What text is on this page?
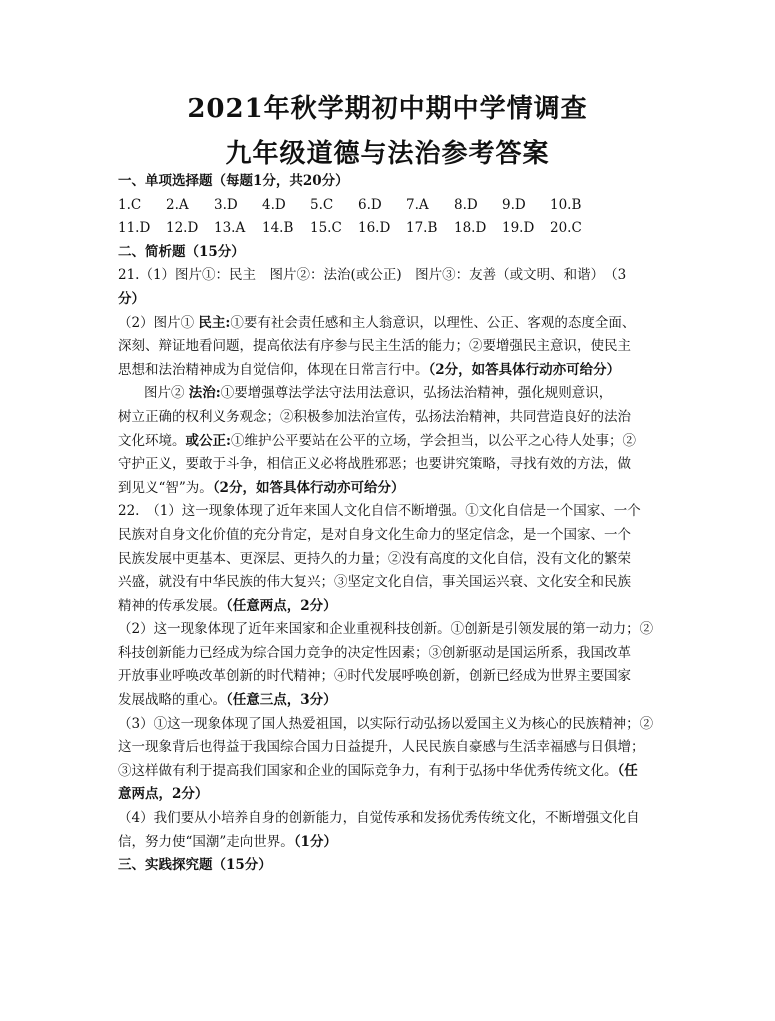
2021年秋学期初中期中学情调查
九年级道德与法治参考答案
一、单项选择题（每题1分，共20分）
1.C	2.A	3.D	4.D	5.C	6.D	7.A	8.D	9.D	10.B
11.D	12.D	13.A	14.B	15.C	16.D	17.B	18.D	19.D	20.C
二、简析题（15分）
21.（1）图片①：民主　图片②：法治(或公正)　图片③：友善（或文明、和谐）　（3
分）
（2）图片① 民主:①要有社会责任感和主人翁意识，以理性、公正、客观的态度全面、
深刻、辩证地看问题，提高依法有序参与民主生活的能力；②要增强民主意识，使民主
思想和法治精神成为自觉信仰，体现在日常言行中。（2分，如答具体行动亦可给分）
图片② 法治:①要增强尊法学法守法用法意识，弘扬法治精神，强化规则意识，
树立正确的权利义务观念；②积极参加法治宣传，弘扬法治精神，共同营造良好的法治
文化环境。或公正:①维护公平要站在公平的立场，学会担当，以公平之心待人处事；②
守护正义，要敢于斗争，相信正义必将战胜邪恶；也要讲究策略，寻找有效的方法，做
到见义“智”为。（2分，如答具体行动亦可给分）
22.　（1）这一现象体现了近年来国人文化自信不断增强。①文化自信是一个国家、一个
民族对自身文化价值的充分肯定，是对自身文化生命力的坚定信念，是一个国家、一个
民族发展中更基本、更深层、更持久的力量；②没有高度的文化自信，没有文化的繁荣
兴盛，就没有中华民族的伟大复兴；③坚定文化自信，事关国运兴衰、文化安全和民族
精神的传承发展。（任意两点，2分）
（2）这一现象体现了近年来国家和企业重视科技创新。①创新是引领发展的第一动力；②
科技创新能力已经成为综合国力竞争的决定性因素；③创新驱动是国运所系，我国改革
开放事业呼唤改革创新的时代精神；④时代发展呼唤创新，创新已经成为世界主要国家
发展战略的重心。（任意三点，3分）
（3）①这一现象体现了国人热爱祖国，以实际行动弘扬以爱国主义为核心的民族精神；②
这一现象背后也得益于我国综合国力日益提升，人民民族自豪感与生活幸福感与日俱增；
③这样做有利于提高我们国家和企业的国际竞争力，有利于弘扬中华优秀传统文化。（任
意两点，2分）
（4）我们要从小培养自身的创新能力，自觉传承和发扬优秀传统文化，不断增强文化自
信，努力使“国潮”走向世界。（1分）
三、实践探究题（15分）
